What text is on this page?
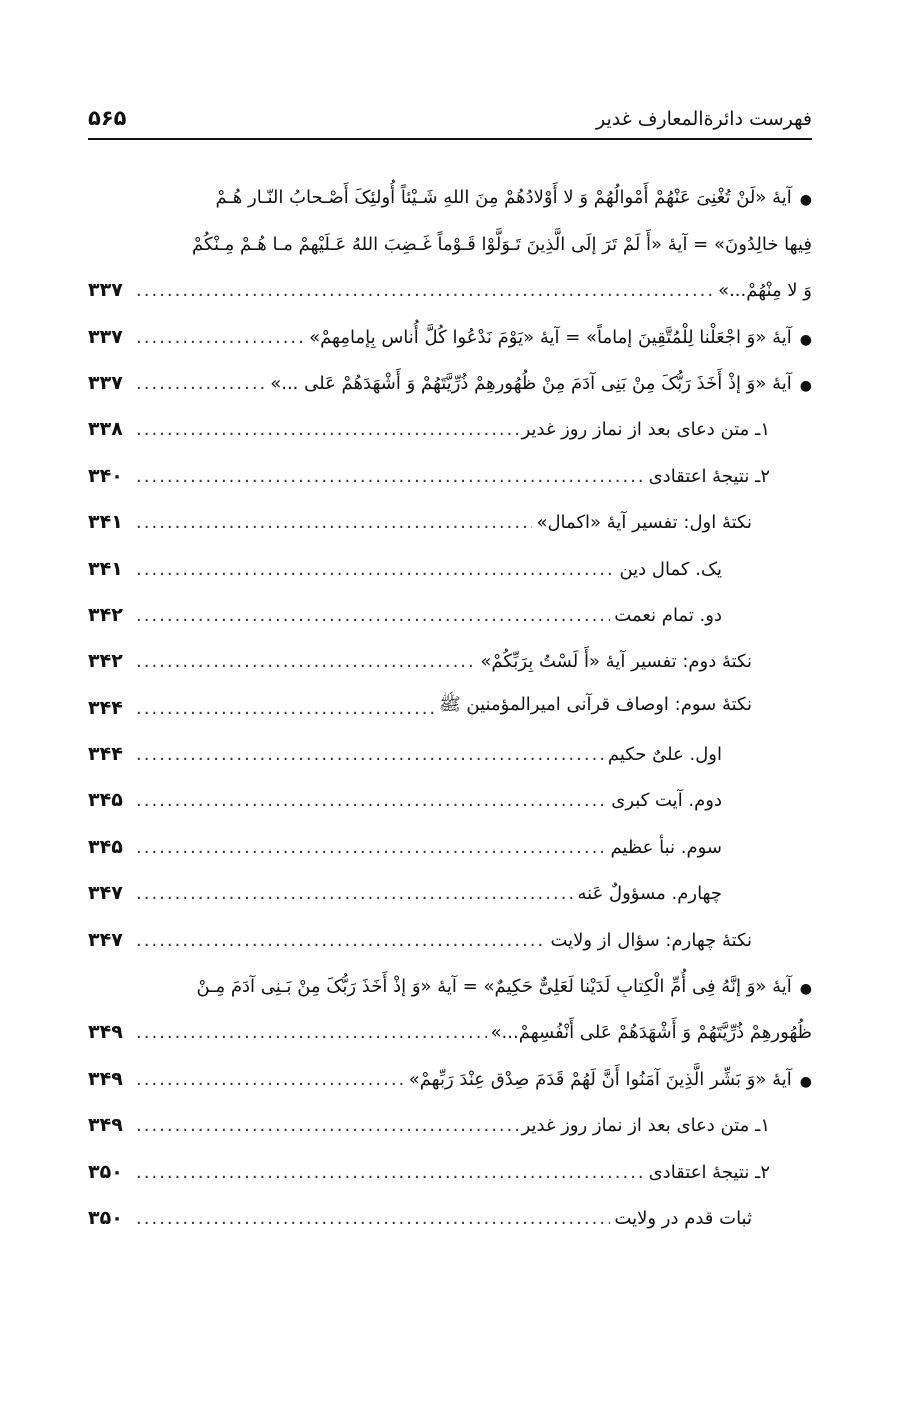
فهرست دائرةالمعارف غدیر
۵۶۵
●
آیهٔ «لَنْ تُغْنِیَ عَنْهُمْ أَمْوالُهُمْ وَ لا أَوْلادُهُمْ مِنَ اللهِ شَـیْئاً أُولئِکَ أَصْـحابُ النّـارِ هُـمْ
فِیها خالِدُونَ» = آیهٔ «أَ لَمْ تَرَ إِلَی الَّذِینَ تَـوَلَّوْا قَـوْماً غَـضِبَ اللهُ عَـلَیْهِمْ مـا هُـمْ مِـنْکُمْ
وَ لا مِنْهُمْ...»
.....
۳۳۷
●
آیهٔ «وَ اجْعَلْنا لِلْمُتَّقِینَ إماماً» = آیهٔ «یَوْمَ نَدْعُوا کُلَّ أُناسٍ بِإمامِهِمْ»
.....
۳۳۷
●
آیهٔ «وَ إِذْ أَخَذَ رَبُّکَ مِنْ بَنِی آدَمَ مِنْ ظُهُورِهِمْ ذُرِّیَّتَهُمْ وَ أَشْهَدَهُمْ عَلی ...»
.....
۳۳۷
۱ـ متن دعای بعد از نماز روز غدیر
.....
۳۳۸
۲ـ نتیجهٔ اعتقادی
.....
۳۴۰
نکتهٔ اول: تفسیر آیهٔ «اکمال»
.....
۳۴۱
یک. کمال دین
.....
۳۴۱
دو. تمام نعمت
.....
۳۴۲
نکتهٔ دوم: تفسیر آیهٔ «أَ لَسْتُ بِرَبِّکُمْ»
.....
۳۴۲
نکتهٔ سوم: اوصاف قرآنی امیرالمؤمنین ﷺ
.....
۳۴۴
اول. علیٌ حکیم
.....
۳۴۴
دوم. آیت کبری
.....
۳۴۵
سوم. نبأ عظیم
.....
۳۴۵
چهارم. مسؤولٌ عَنه
.....
۳۴۷
نکتهٔ چهارم: سؤال از ولایت
.....
۳۴۷
●
آیهٔ «وَ إِنَّهُ فِی أُمِّ الْکِتابِ لَدَیْنا لَعَلِیٌّ حَکِیمٌ» = آیهٔ «وَ إِذْ أَخَذَ رَبُّکَ مِنْ بَـنِی آدَمَ مِـنْ
ظُهُورِهِمْ ذُرِّیَّتَهُمْ وَ أَشْهَدَهُمْ عَلی أَنْفُسِهِمْ...»
.....
۳۴۹
●
آیهٔ «وَ بَشِّرِ الَّذِینَ آمَنُوا أَنَّ لَهُمْ قَدَمَ صِدْقٍ عِنْدَ رَبِّهِمْ»
.....
۳۴۹
۱ـ متن دعای بعد از نماز روز غدیر
.....
۳۴۹
۲ـ نتیجهٔ اعتقادی
.....
۳۵۰
ثبات قدم در ولایت
.....
۳۵۰
